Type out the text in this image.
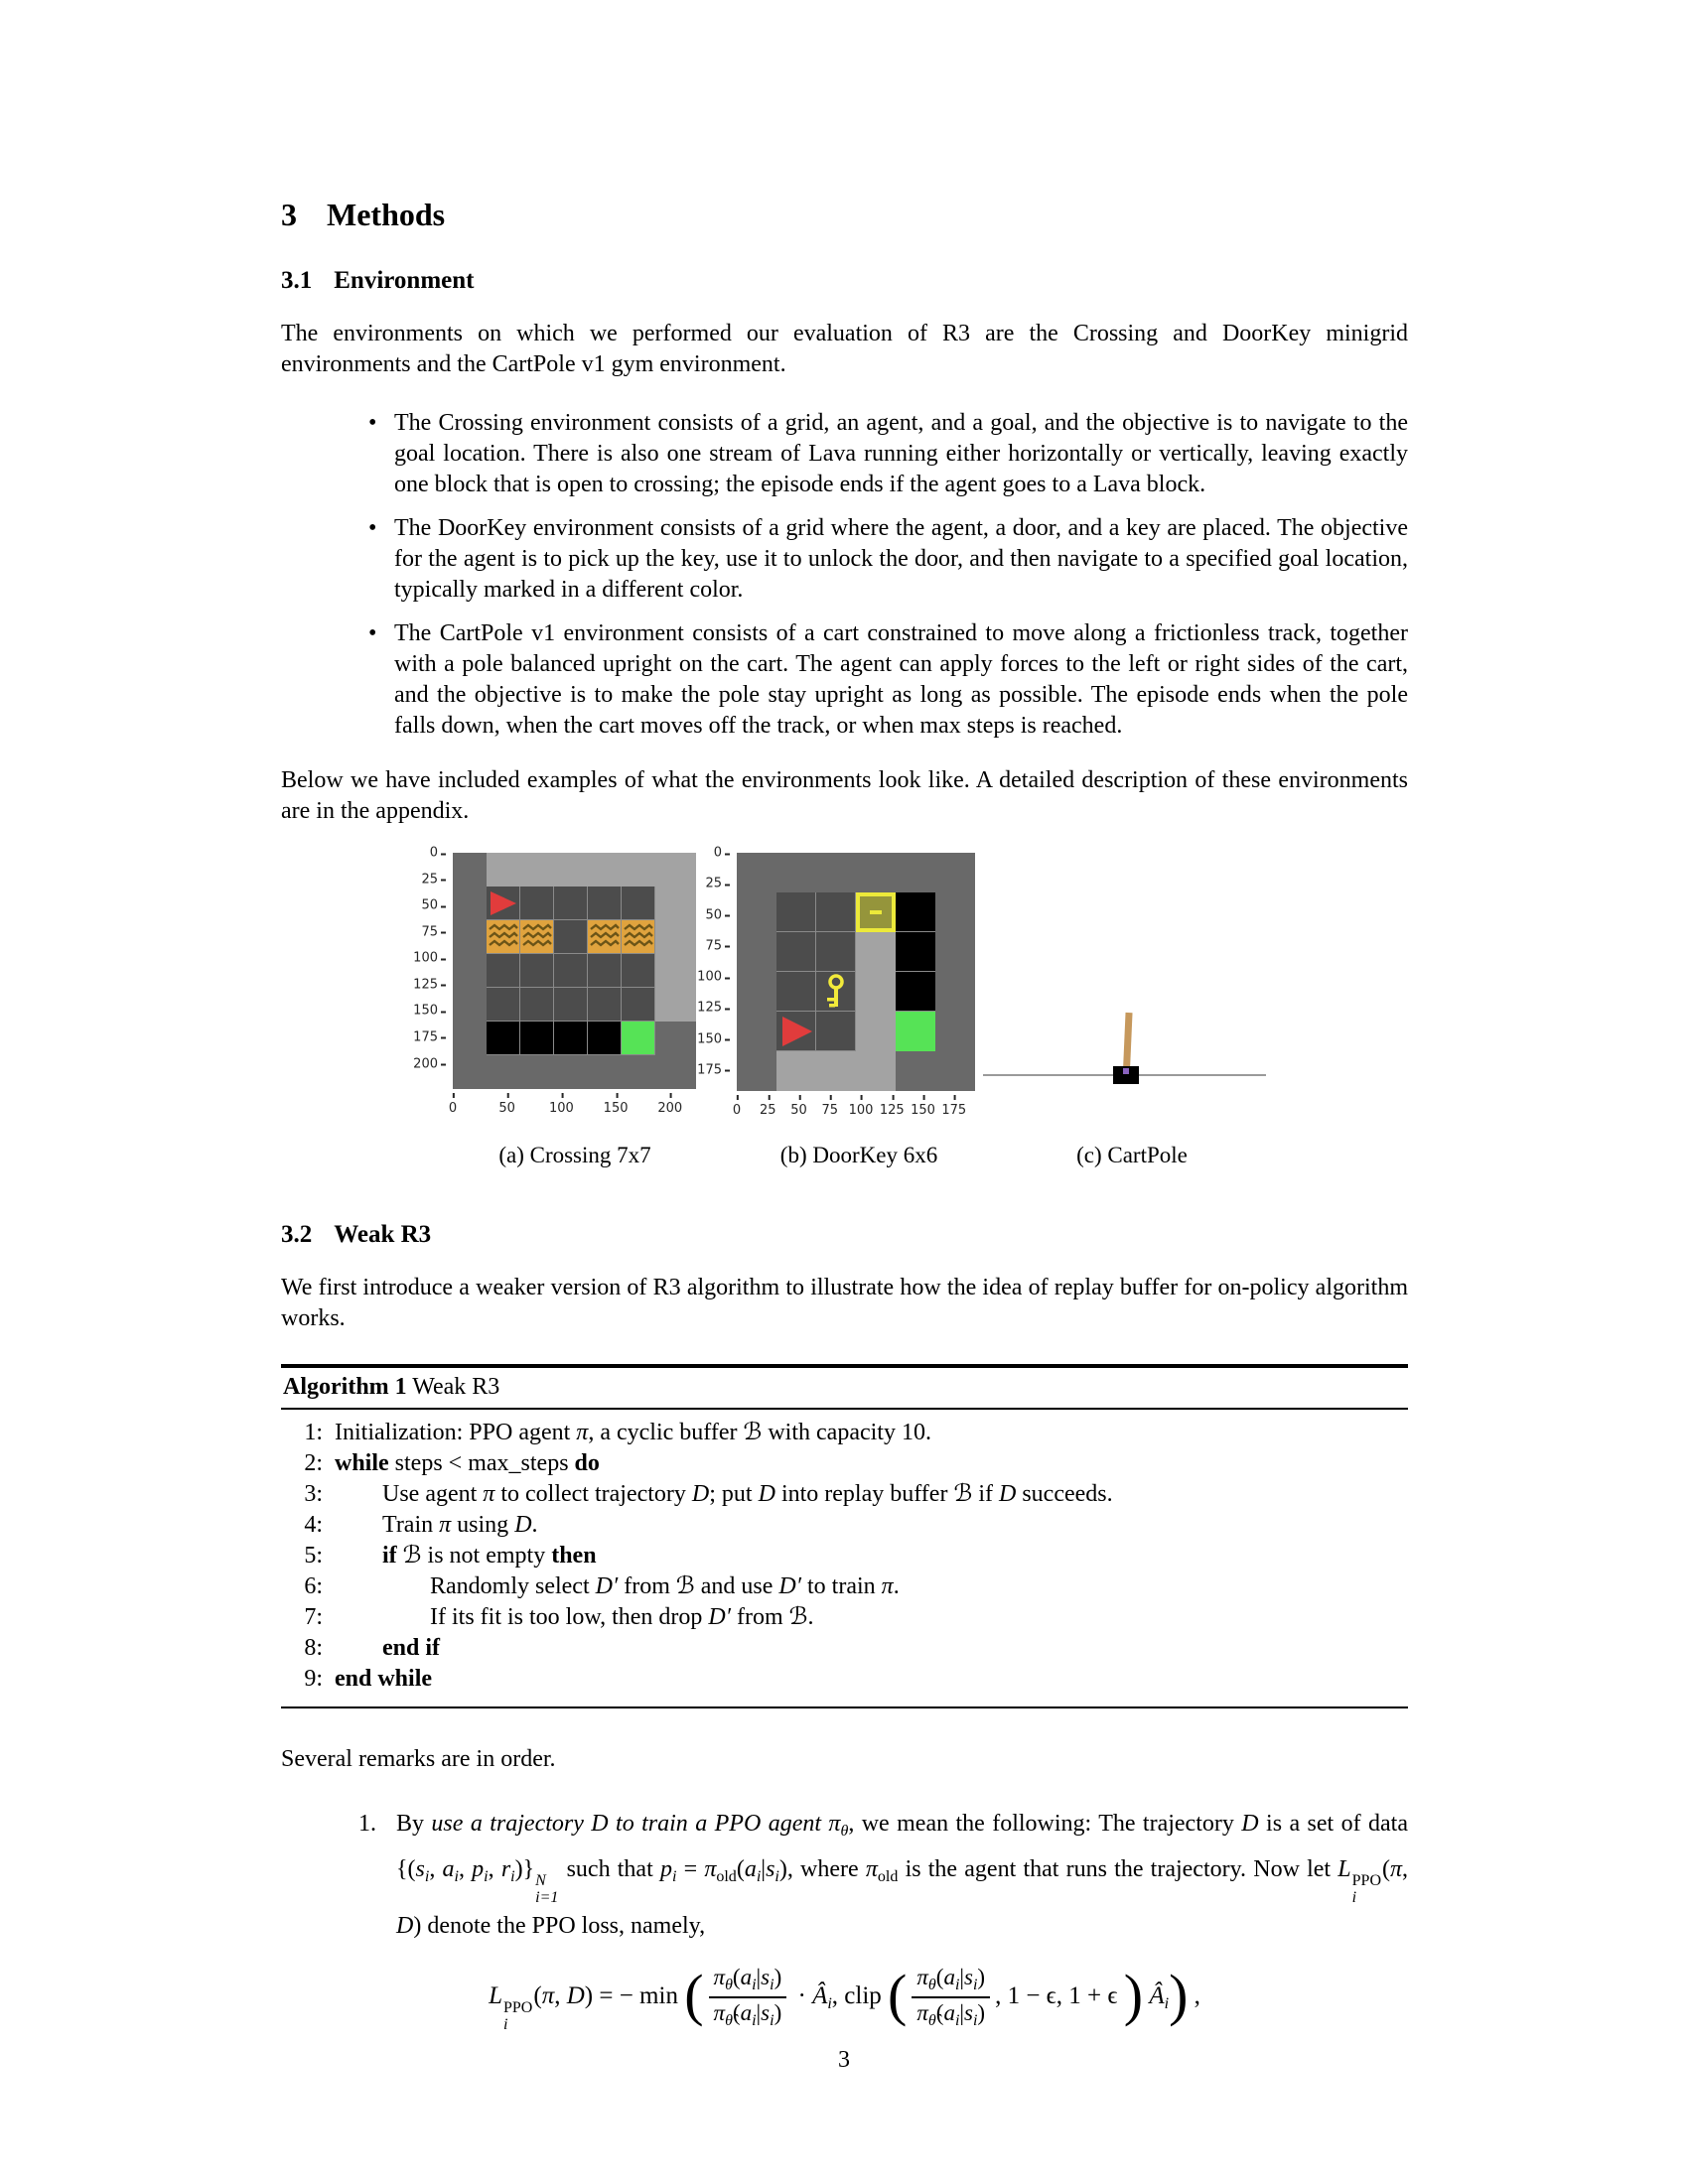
3 Methods
3.1 Environment

The environments on which we performed our evaluation of R3 are the Crossing and DoorKey minigrid environments and the CartPole v1 gym environment.

• The Crossing environment consists of a grid, an agent, and a goal, and the objective is to navigate to the goal location. There is also one stream of Lava running either horizontally or vertically, leaving exactly one block that is open to crossing; the episode ends if the agent goes to a Lava block.
• The DoorKey environment consists of a grid where the agent, a door, and a key are placed. The objective for the agent is to pick up the key, use it to unlock the door, and then navigate to a specified goal location, typically marked in a different color.
• The CartPole v1 environment consists of a cart constrained to move along a frictionless track, together with a pole balanced upright on the cart. The agent can apply forces to the left or right sides of the cart, and the objective is to make the pole stay upright as long as possible. The episode ends when the pole falls down, when the cart moves off the track, or when max steps is reached.

Below we have included examples of what the environments look like. A detailed description of these environments are in the appendix.

0
25
50
75
100
125
150
175
200
0	50	100 150 200
0
25
50
75
100
125
150
175
0 25 50 75 100 125 150 175
(a) Crossing 7x7	(b) DoorKey 6x6	(c) CartPole
3.2 Weak R3

We first introduce a weaker version of R3 algorithm to illustrate how the idea of replay buffer for on-policy algorithm works.

Algorithm 1 Weak R3
1: Initialization: PPO agent π, a cyclic buffer ℬ with capacity 10.
2: while steps < max_steps do
3:	Use agent π to collect trajectory D; put D into replay buffer ℬ if D succeeds.
4:	Train π using D.
5:	if ℬ is not empty then
6:	Randomly select D′ from ℬ and use D′ to train π.
7:	If its fit is too low, then drop D′ from ℬ.
8:	end if
9: end while

Several remarks are in order.

1. By use a trajectory D to train a PPO agent $\pi_\theta$, we mean the following: The trajectory D is a set of data {($s_i$, $a_i$, $p_i$, $r_i$)} N
i=1
such that $p_i = \pi_{old}(a_i|s_i)$, where $\pi_{old}$ is the agent that runs the trajectory. Now let L PPO
i
(π, D) denote the PPO loss, namely,
L PPO
i
(π, D) = − min ( $\frac{\pi_\theta(a_i|s_i)}{\pi_{\thetâ}(a_i|s_i)}$ · $Â_i$, clip ( $\frac{\pi_\theta(a_i|s_i)}{\pi_{\thetâ}(a_i|s_i)}$ , 1 − ϵ, 1 + ϵ ) $Â_i$) ,
3
